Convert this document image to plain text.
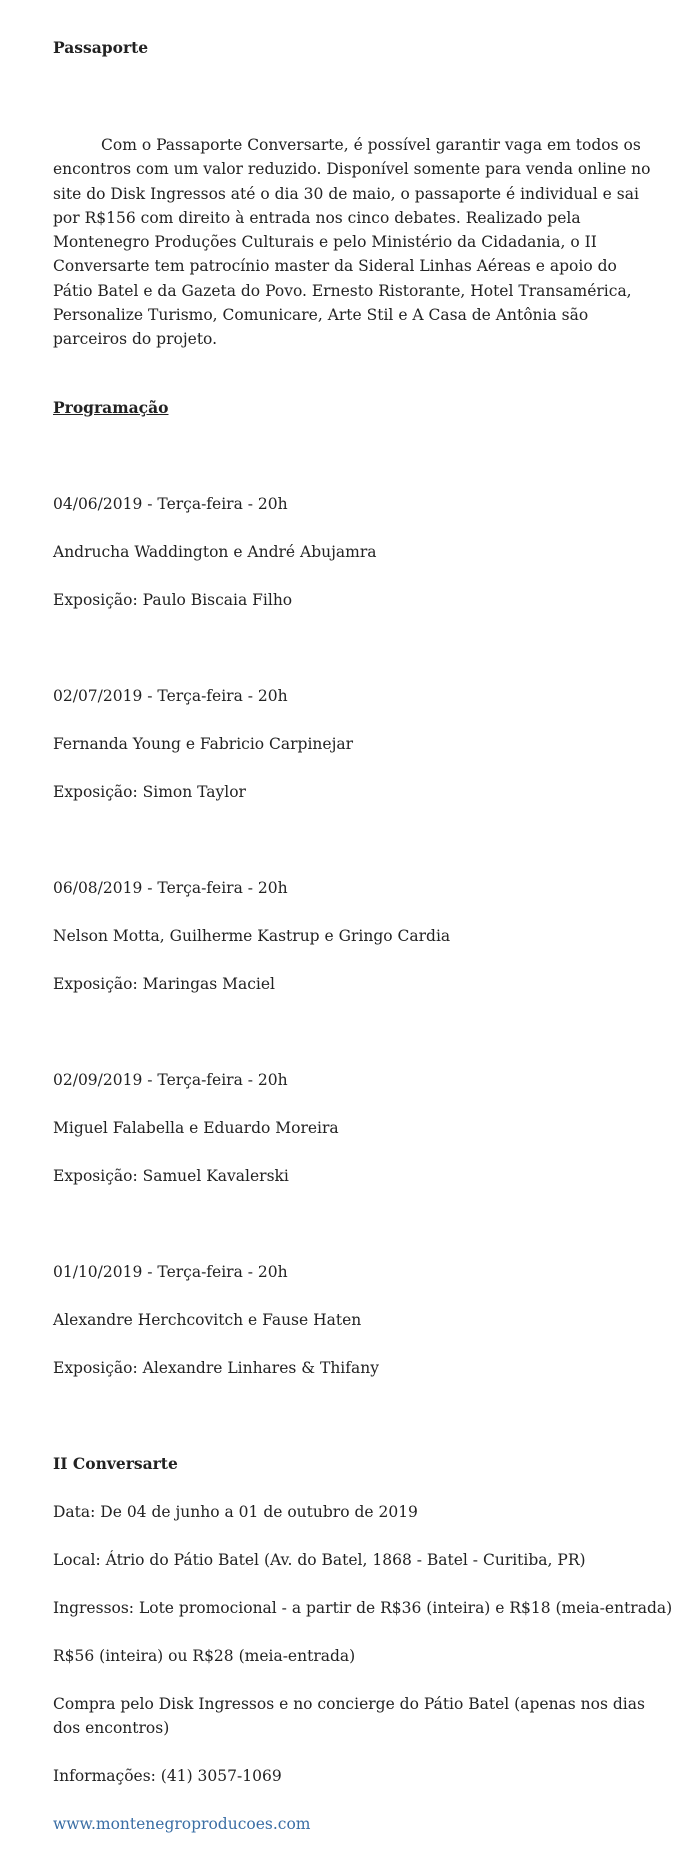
Passaporte
Com o Passaporte Conversarte, é possível garantir vaga em todos os encontros com um valor reduzido. Disponível somente para venda online no site do Disk Ingressos até o dia 30 de maio, o passaporte é individual e sai por R$156 com direito à entrada nos cinco debates. Realizado pela Montenegro Produções Culturais e pelo Ministério da Cidadania, o II Conversarte tem patrocínio master da Sideral Linhas Aéreas e apoio do Pátio Batel e da Gazeta do Povo. Ernesto Ristorante, Hotel Transamérica, Personalize Turismo, Comunicare, Arte Stil e A Casa de Antônia são parceiros do projeto.
Programação
04/06/2019 - Terça-feira - 20h
Andrucha Waddington e André Abujamra
Exposição: Paulo Biscaia Filho
02/07/2019 - Terça-feira - 20h
Fernanda Young e Fabricio Carpinejar
Exposição: Simon Taylor
06/08/2019 - Terça-feira - 20h
Nelson Motta, Guilherme Kastrup e Gringo Cardia
Exposição: Maringas Maciel
02/09/2019 - Terça-feira - 20h
Miguel Falabella e Eduardo Moreira
Exposição: Samuel Kavalerski
01/10/2019 - Terça-feira - 20h
Alexandre Herchcovitch e Fause Haten
Exposição: Alexandre Linhares & Thifany
II Conversarte
Data: De 04 de junho a 01 de outubro de 2019
Local: Átrio do Pátio Batel (Av. do Batel, 1868 - Batel - Curitiba, PR)
Ingressos: Lote promocional - a partir de R$36 (inteira) e R$18 (meia-entrada)
R$56 (inteira) ou R$28 (meia-entrada)
Compra pelo Disk Ingressos e no concierge do Pátio Batel (apenas nos dias dos encontros)
Informações: (41) 3057-1069
www.montenegroproducoes.com
